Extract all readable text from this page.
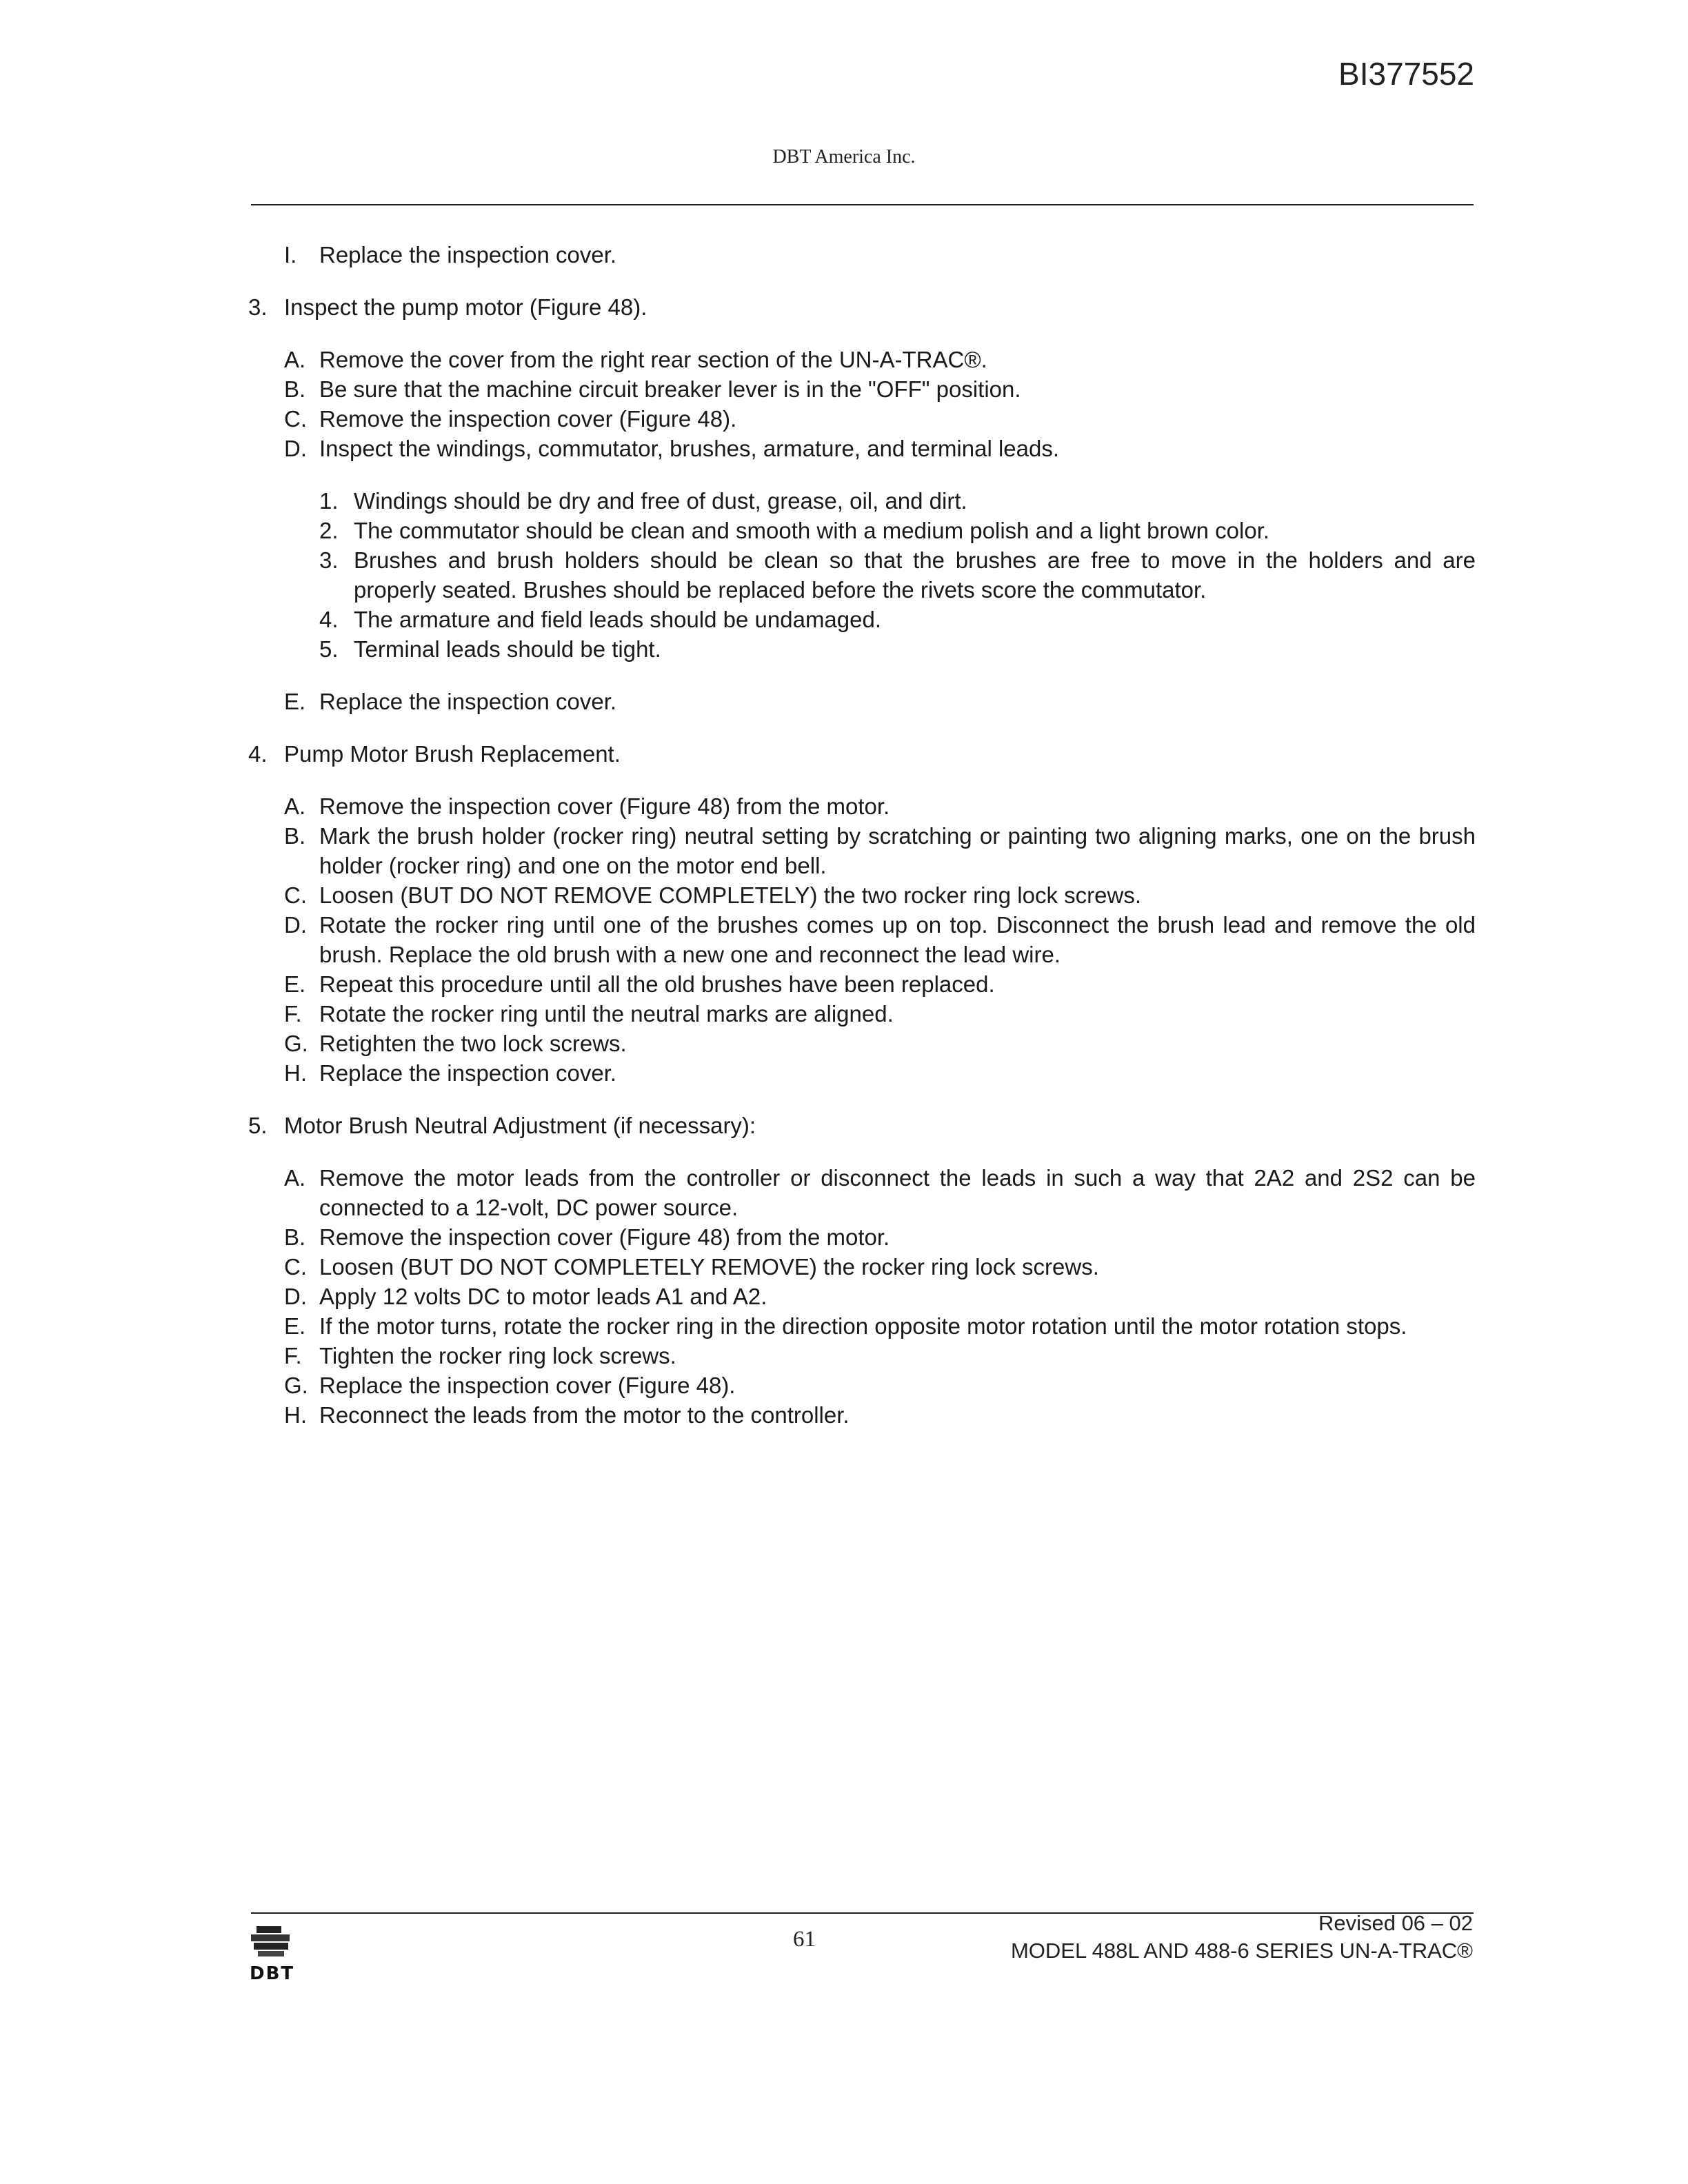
BI377552
DBT America Inc.
I. Replace the inspection cover.
3. Inspect the pump motor (Figure 48).
A. Remove the cover from the right rear section of the UN-A-TRAC®.
B. Be sure that the machine circuit breaker lever is in the "OFF" position.
C. Remove the inspection cover (Figure 48).
D. Inspect the windings, commutator, brushes, armature, and terminal leads.
1. Windings should be dry and free of dust, grease, oil, and dirt.
2. The commutator should be clean and smooth with a medium polish and a light brown color.
3. Brushes and brush holders should be clean so that the brushes are free to move in the holders and are properly seated. Brushes should be replaced before the rivets score the commutator.
4. The armature and field leads should be undamaged.
5. Terminal leads should be tight.
E. Replace the inspection cover.
4. Pump Motor Brush Replacement.
A. Remove the inspection cover (Figure 48) from the motor.
B. Mark the brush holder (rocker ring) neutral setting by scratching or painting two aligning marks, one on the brush holder (rocker ring) and one on the motor end bell.
C. Loosen (BUT DO NOT REMOVE COMPLETELY) the two rocker ring lock screws.
D. Rotate the rocker ring until one of the brushes comes up on top. Disconnect the brush lead and remove the old brush. Replace the old brush with a new one and reconnect the lead wire.
E. Repeat this procedure until all the old brushes have been replaced.
F. Rotate the rocker ring until the neutral marks are aligned.
G. Retighten the two lock screws.
H. Replace the inspection cover.
5. Motor Brush Neutral Adjustment (if necessary):
A. Remove the motor leads from the controller or disconnect the leads in such a way that 2A2 and 2S2 can be connected to a 12-volt, DC power source.
B. Remove the inspection cover (Figure 48) from the motor.
C. Loosen (BUT DO NOT COMPLETELY REMOVE) the rocker ring lock screws.
D. Apply 12 volts DC to motor leads A1 and A2.
E. If the motor turns, rotate the rocker ring in the direction opposite motor rotation until the motor rotation stops.
F. Tighten the rocker ring lock screws.
G. Replace the inspection cover (Figure 48).
H. Reconnect the leads from the motor to the controller.
DBT
61
Revised 06 – 02
MODEL 488L AND 488-6 SERIES UN-A-TRAC®
